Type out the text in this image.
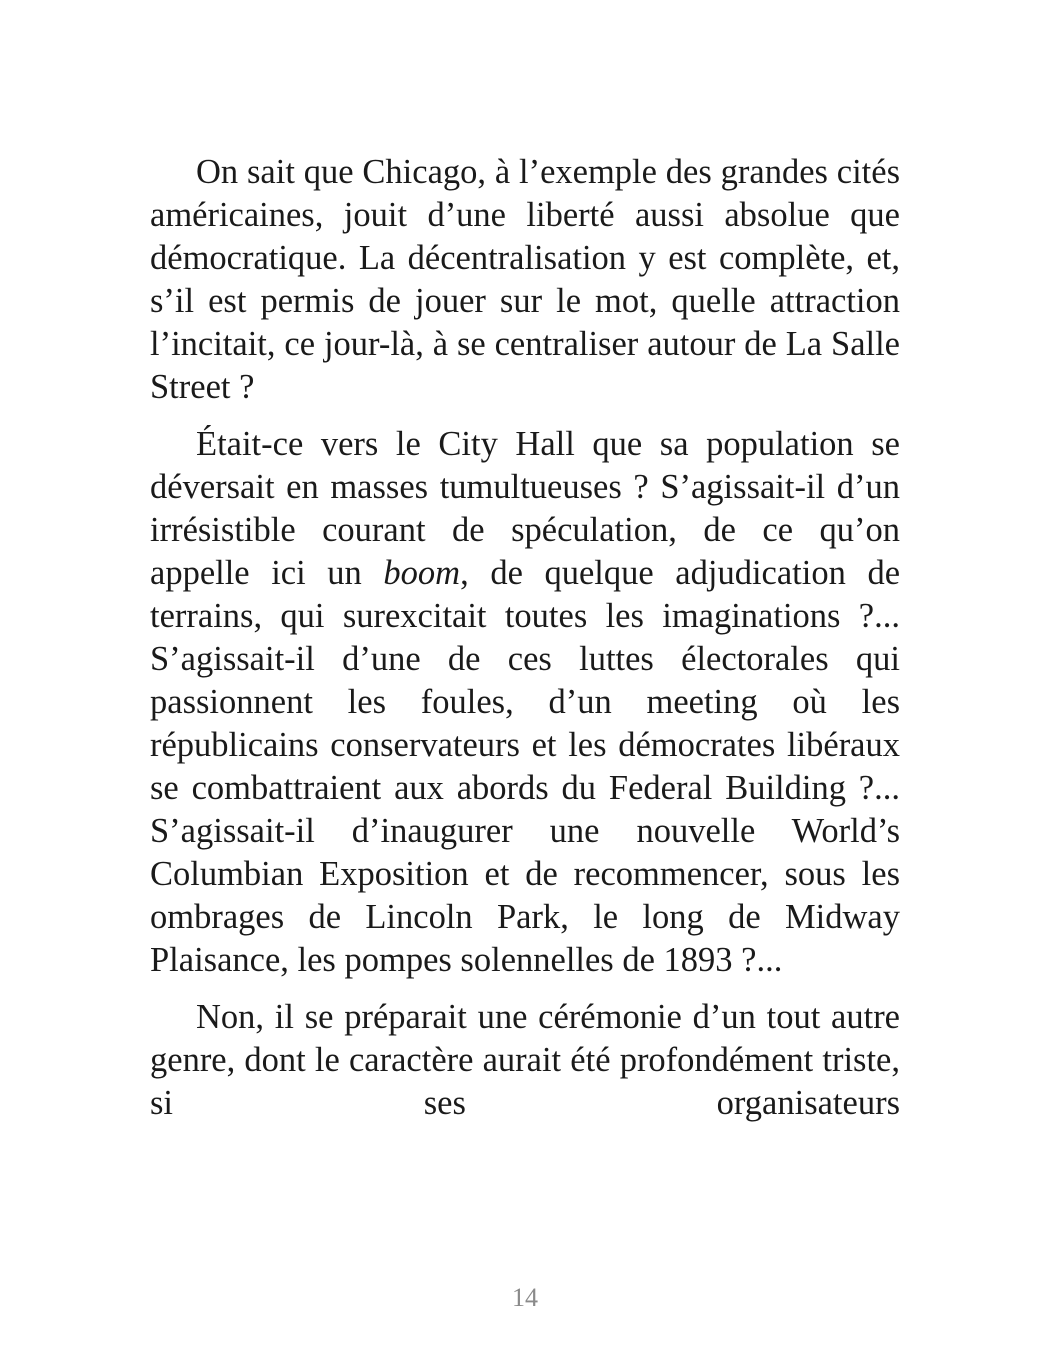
On sait que Chicago, à l’exemple des grandes cités américaines, jouit d’une liberté aussi absolue que démocratique. La décentralisation y est complète, et, s’il est permis de jouer sur le mot, quelle attraction l’incitait, ce jour-là, à se centraliser autour de La Salle Street ?

Était-ce vers le City Hall que sa population se déversait en masses tumultueuses ? S’agissait-il d’un irrésistible courant de spéculation, de ce qu’on appelle ici un boom, de quelque adjudication de terrains, qui surexcitait toutes les imaginations ?... S’agissait-il d’une de ces luttes électorales qui passionnent les foules, d’un meeting où les républicains conservateurs et les démocrates libéraux se combattraient aux abords du Federal Building ?... S’agissait-il d’inaugurer une nouvelle World’s Columbian Exposition et de recommencer, sous les ombrages de Lincoln Park, le long de Midway Plaisance, les pompes solennelles de 1893 ?...

Non, il se préparait une cérémonie d’un tout autre genre, dont le caractère aurait été profondément triste, si ses organisateurs

14
